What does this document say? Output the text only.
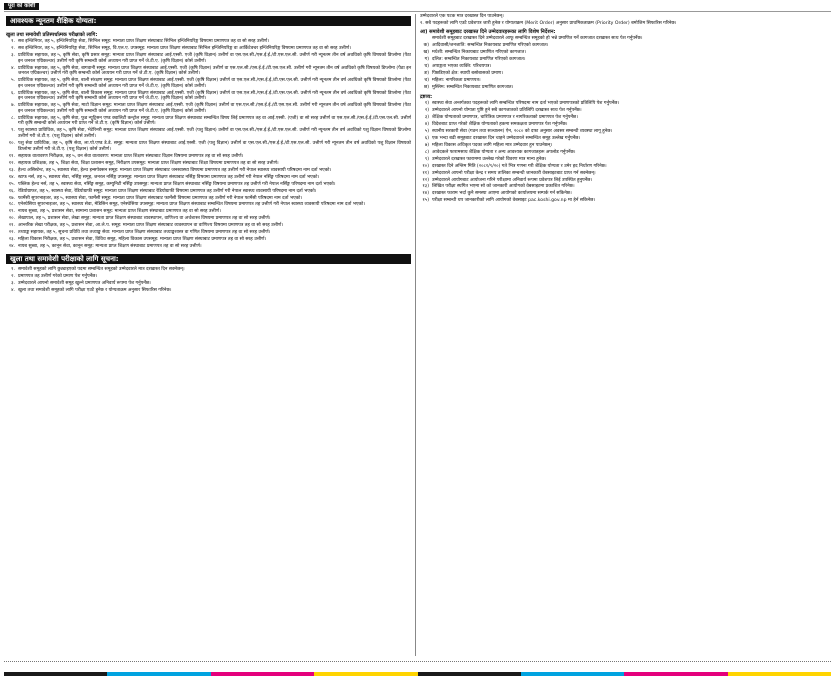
पूरा को कोशी
आवश्यक न्यूनतम शैक्षिक योग्यता:
खुला तथा समावेशी प्रतिस्पर्धात्मक परीक्षाको लागि:
१. सब इन्जिनियर, तह ५, इन्जिनियरिङ्ग सेवा, सिभिल समूह: मान्यता प्राप्त शिक्षण संस्थाबाट सिभिल इन्जिनियरिङ्ग विषयमा प्रमाणपत्र तह वा सो सरह उत्तीर्ण।
२. सब इन्जिनियर, तह ५, इन्जिनियरिङ्ग सेवा, सिभिल समूह, वि.एल.ए. उपसमूह: मान्यता प्राप्त शिक्षण संस्थाबाट सिभिल इन्जिनियरिङ्ग वा आर्किटेक्चर इन्जिनियरिङ्ग विषयमा प्रमाणपत्र तह वा सो सरह उत्तीर्ण।
३. प्राविधिक सहायक, तह ५, कृषि सेवा, कृषि प्रसार समूह: मान्यता प्राप्त शिक्षण संस्थाबाट आई.एस्सी. एजी (कृषि विज्ञान) उत्तीर्ण वा एस.एल.सी./एस.ई.ई./टी.एस.एल.सी. उत्तीर्ण गरी न्यूनतम तीन वर्ष अवधिको कृषि विषयको डिप्लोमा (पैठा इन जनरल एग्रिकल्चर) उत्तीर्ण गरी कृषि सम्बन्धी कोर्स अध्ययन गरी प्राप्त गर्ने जे.टी.ए. (कृषि विज्ञान) कोर्स उत्तीर्ण।
४. प्राविधिक सहायक, तह ५, कृषि सेवा, बागवानी समूह: मान्यता प्राप्त शिक्षण संस्थाबाट आई.एस्सी. एजी (कृषि विज्ञान) उत्तीर्ण वा एस.एल.सी./एस.ई.ई./टी.एस.एल.सी. उत्तीर्ण गरी न्यूनतम तीन वर्ष अवधिको कृषि विषयको डिप्लोमा (पैठा इन जनरल एग्रिकल्चर) उत्तीर्ण गरी कृषि सम्बन्धी कोर्स अध्ययन गरी प्राप्त गर्ने जे.टी.ए. (कृषि विज्ञान) कोर्स उत्तीर्ण।
५. प्राविधिक सहायक, तह ५, कृषि सेवा, बाली संरक्षण समूह: मान्यता प्राप्त शिक्षण संस्थाबाट आई.एस्सी. एजी (कृषि विज्ञान) उत्तीर्ण वा एस.एल.सी./एस.ई.ई./टी.एस.एल.सी. उत्तीर्ण गरी न्यूनतम तीन वर्ष अवधिको कृषि विषयको डिप्लोमा (पैठा इन जनरल एग्रिकल्चर) उत्तीर्ण गरी कृषि सम्बन्धी कोर्स अध्ययन गरी प्राप्त गर्ने जे.टी.ए. (कृषि विज्ञान) कोर्स उत्तीर्ण।
६. प्राविधिक सहायक, तह ५, कृषि सेवा, बाली विकास समूह: मान्यता प्राप्त शिक्षण संस्थाबाट आई.एस्सी. एजी (कृषि विज्ञान) उत्तीर्ण वा एस.एल.सी./एस.ई.ई./टी.एस.एल.सी. उत्तीर्ण गरी न्यूनतम तीन वर्ष अवधिको कृषि विषयको डिप्लोमा (पैठा इन जनरल एग्रिकल्चर) उत्तीर्ण गरी कृषि सम्बन्धी कोर्स अध्ययन गरी प्राप्त गर्ने जे.टी.ए. (कृषि विज्ञान) कोर्स उत्तीर्ण।
७. प्राविधिक सहायक, तह ५, कृषि सेवा, माटो विज्ञान समूह: मान्यता प्राप्त शिक्षण संस्थाबाट आई.एस्सी. एजी (कृषि विज्ञान) उत्तीर्ण वा एस.एल.सी./एस.ई.ई./टी.एस.एल.सी. उत्तीर्ण गरी न्यूनतम तीन वर्ष अवधिको कृषि विषयको डिप्लोमा (पैठा इन जनरल एग्रिकल्चर) उत्तीर्ण गरी कृषि सम्बन्धी कोर्स अध्ययन गरी प्राप्त गर्ने जे.टी.ए. (कृषि विज्ञान) कोर्स उत्तीर्ण।
८. प्राविधिक सहायक, तह ५, कृषि सेवा, फुड न्यूट्रिसन एण्ड क्वालिटी कन्ट्रोल समूह: मान्यता प्राप्त शिक्षण संस्थाबाट सम्बन्धित विषय लिई प्रमाणपत्र तह वा आई.एस्सी. (एजी) वा सो सरह उत्तीर्ण वा एस.एल.सी./एस.ई.ई./टी.एस.एल.सी. उत्तीर्ण गरी कृषि सम्बन्धी कोर्स अध्ययन गरी प्राप्त गर्ने जे.टी.ए. (कृषि विज्ञान) कोर्स उत्तीर्ण।
९. पशु स्वास्थ्य प्राविधिक, तह ५, कृषि सेवा, भेटेरिनरी समूह: मान्यता प्राप्त शिक्षण संस्थाबाट आई.एस्सी. एजी (पशु विज्ञान) उत्तीर्ण वा एस.एल.सी./एस.ई.ई./टी.एस.एल.सी. उत्तीर्ण गरी न्यूनतम तीन वर्ष अवधिको पशु विज्ञान विषयको डिप्लोमा उत्तीर्ण गरी जे.टी.ए. (पशु विज्ञान) कोर्स उत्तीर्ण।
१०. पशु सेवा प्राविधिक, तह ५, कृषि सेवा, ला.पो.एण्ड डे.डे. समूह: मान्यता प्राप्त शिक्षण संस्थाबाट आई.एस्सी. एजी (पशु विज्ञान) उत्तीर्ण वा एस.एल.सी./एस.ई.ई./टी.एस.एल.सी. उत्तीर्ण गरी न्यूनतम तीन वर्ष अवधिको पशु विज्ञान विषयको डिप्लोमा उत्तीर्ण गरी जे.टी.ए. (पशु विज्ञान) कोर्स उत्तीर्ण।
११. सहायक वातावरण निरीक्षक, तह ५, वन सेवा वातावरण: मान्यता प्राप्त शिक्षण संस्थाबाट विज्ञान विषयमा प्रमाणपत्र तह वा सो सरह उत्तीर्ण।
१२. सहायक प्रशिक्षक, तह ५, शिक्षा सेवा, शिक्षा प्रशासन समूह, निरीक्षण उपसमूह: मान्यता प्राप्त शिक्षण संस्थाबाट शिक्षा विषयमा प्रमाणपत्र तह वा सो सरह उत्तीर्ण।
१३. हेल्थ असिस्टेन्ट, तह ५, स्वास्थ्य सेवा, हेल्थ इन्सपेक्सन समूह: मान्यता प्राप्त शिक्षण संस्थाबाट जनस्वास्थ्य विषयमा प्रमाणपत्र तह उत्तीर्ण गरी नेपाल स्वास्थ्य व्यवसायी परिषदमा नाम दर्ता भएको।
१४. स्टाफ नर्स, तह ५, स्वास्थ्य सेवा, नर्सिङ्ग समूह, जनरल नर्सिङ्ग उपसमूह: मान्यता प्राप्त शिक्षण संस्थाबाट नर्सिङ्ग विषयमा प्रमाणपत्र तह उत्तीर्ण गरी नेपाल नर्सिङ्ग परिषदमा नाम दर्ता भएको।
१५. पब्लिक हेल्थ नर्स, तह ५, स्वास्थ्य सेवा, नर्सिङ्ग समूह, कम्युनिटी नर्सिङ्ग उपसमूह: मान्यता प्राप्त शिक्षण संस्थाबाट नर्सिङ्ग विषयमा प्रमाणपत्र तह उत्तीर्ण गरी नेपाल नर्सिङ्ग परिषदमा नाम दर्ता भएको।
१६. रेडियोग्राफर, तह ५, स्वास्थ्य सेवा, रेडियोग्राफी समूह: मान्यता प्राप्त शिक्षण संस्थाबाट रेडियोग्राफी विषयमा प्रमाणपत्र तह उत्तीर्ण गरी नेपाल स्वास्थ्य व्यवसायी परिषदमा नाम दर्ता भएको।
१७. फार्मेसी सुपरभाइजर, तह ५, स्वास्थ्य सेवा, फार्मेसी समूह: मान्यता प्राप्त शिक्षण संस्थाबाट फार्मेसी विषयमा प्रमाणपत्र तह उत्तीर्ण गरी नेपाल फार्मेसी परिषदमा नाम दर्ता भएको।
१८. एनेस्थेसिया सुपरभाइजर, तह ५, स्वास्थ्य सेवा, मेडिसिन समूह, एनेस्थेसिया उपसमूह: मान्यता प्राप्त शिक्षण संस्थाबाट सम्बन्धित विषयमा प्रमाणपत्र तह उत्तीर्ण गरी नेपाल स्वास्थ्य व्यवसायी परिषदमा नाम दर्ता भएको।
१९. नायब सुब्बा, तह ५, प्रशासन सेवा, सामान्य प्रशासन समूह: मान्यता प्राप्त शिक्षण संस्थाबाट प्रमाणपत्र तह वा सो सरह उत्तीर्ण।
२०. लेखापाल, तह ५, प्रशासन सेवा, लेखा समूह: मान्यता प्राप्त शिक्षण संस्थाबाट व्यवस्थापन, वाणिज्य वा अर्थशास्त्र विषयमा प्रमाणपत्र तह वा सो सरह उत्तीर्ण।
२१. आन्तरिक लेखा परीक्षक, तह ५, प्रशासन सेवा, आ.ले.प. समूह: मान्यता प्राप्त शिक्षण संस्थाबाट व्यवस्थापन वा वाणिज्य विषयमा प्रमाणपत्र तह वा सो सरह उत्तीर्ण।
२२. तथ्याङ्क सहायक, तह ५, सूचना प्रविधि तथा तथ्याङ्क सेवा: मान्यता प्राप्त शिक्षण संस्थाबाट तथ्याङ्कशास्त्र वा गणित विषयमा प्रमाणपत्र तह वा सो सरह उत्तीर्ण।
२३. महिला विकास निरीक्षक, तह ५, प्रशासन सेवा, विविध समूह, महिला विकास उपसमूह: मान्यता प्राप्त शिक्षण संस्थाबाट प्रमाणपत्र तह वा सो सरह उत्तीर्ण।
२४. नायब सुब्बा, तह ५, कानून सेवा, कानून समूह: मान्यता प्राप्त शिक्षण संस्थाबाट प्रमाणपत्र तह वा सो सरह उत्तीर्ण।
खुला तथा समावेशी परीक्षाको लागि सूचना:
१. समावेशी समूहको लागि छुट्याइएको पदमा सम्बन्धित समूहको उम्मेदवारले मात्र दरखास्त दिन सक्नेछन्।
२. प्रमाणपत्र तह उत्तीर्ण गरेको प्रमाण पेश गर्नुपर्नेछ।
३. उम्मेदवारले आफ्नो समावेशी समूह खुल्ने प्रमाणपत्र अनिवार्य रूपमा पेश गर्नुपर्नेछ।
४. खुला तथा समावेशी समूहको लागि परीक्षा एउटै हुनेछ र योग्यताक्रम अनुसार सिफारिस गरिनेछ।
उम्मेदवारले एक पटक मात्र दरखास्त दिन पाउनेछन्।
२. सबै पदहरूको लागि एउटै प्रवेशपत्र जारी हुनेछ र योग्यताक्रम (Merit Order) अनुसार प्राथमिकताक्रम (Priority Order) बमोजिम सिफारिस गरिनेछ।
आ) समावेशी समूहबाट दरखास्त दिने उम्मेदवारहरूका लागि विशेष निर्देशन:
समावेशी समूहबाट दरखास्त दिने उम्मेदवारले आफू सम्बन्धित समूहको हो भन्ने प्रमाणित गर्ने कागजात दरखास्त साथ पेश गर्नुपर्नेछ।
क) आदिवासी/जनजाति: सम्बन्धित निकायबाट प्रमाणित गरिएको कागजात।
ख) मधेशी: सम्बन्धित निकायबाट प्रमाणित गरिएको कागजात।
ग) दलित: सम्बन्धित निकायबाट प्रमाणित गरिएको कागजात।
घ) अपाङ्गता भएका व्यक्ति: परिचयपत्र।
ङ) पिछडिएको क्षेत्र: स्थायी बसोबासको प्रमाण।
च) महिला: नागरिकता प्रमाणपत्र।
छ) मुस्लिम: सम्बन्धित निकायबाट प्रमाणित कागजात।
द्रष्टव्य:
१) स्वास्थ्य सेवा अन्तर्गतका पदहरूको लागि सम्बन्धित परिषदमा नाम दर्ता भएको प्रमाणपत्रको प्रतिलिपि पेश गर्नुपर्नेछ।
२) उम्मेदवारले आफ्नो योग्यता पुष्टि हुने सबै कागजातको प्रतिलिपि दरखास्त साथ पेश गर्नुपर्नेछ।
३) शैक्षिक योग्यताको प्रमाणपत्र, चारित्रिक प्रमाणपत्र र नागरिकताको प्रमाणपत्र पेश गर्नुपर्नेछ।
४) विदेशबाट प्राप्त गरेको शैक्षिक योग्यताको हकमा समकक्षता प्रमाणपत्र पेश गर्नुपर्नेछ।
५) स्थानीय सरकारी सेवा (गठन तथा सञ्चालन) ऐन, २०८० को दफा अनुसार अवसर सम्बन्धी व्यवस्था लागू हुनेछ।
६) एक भन्दा बढी समूहबाट दरखास्त दिन चाहने उम्मेदवारले सम्बन्धित समूह उल्लेख गर्नुपर्नेछ।
७) महिला विकास अधिकृत पदका लागि महिला मात्र उम्मेदवार हुन पाउनेछन्।
८) आवेदकले फारामसाथ शैक्षिक योग्यता र अन्य आवश्यक कागजातहरू अपलोड गर्नुपर्नेछ।
९) उम्मेदवारले दरखास्त फाराममा उल्लेख गरेको विवरण मात्र मान्य हुनेछ।
१०) दरखास्त दिने अन्तिम मिति (२०८१/९/२०) गते भित्र गणना गरी शैक्षिक योग्यता र उमेर हद निर्धारण गरिनेछ।
११) उम्मेदवारले आफ्नो परीक्षा केन्द्र र समय तालिका सम्बन्धी जानकारी वेबसाइटबाट प्राप्त गर्न सक्नेछन्।
१२) उम्मेदवारले आयोगबाट आयोजना गरिने परीक्षामा अनिवार्य रूपमा प्रवेशपत्र लिई उपस्थित हुनुपर्नेछ।
१३) लिखित परीक्षा स्थगित भएमा सो को जानकारी आयोगको वेबसाइटमा प्रकाशित गरिनेछ।
१४) दरखास्त फाराम भर्दा कुनै समस्या आएमा आयोगको कार्यालयमा सम्पर्क गर्न सकिनेछ।
१५) परीक्षा सम्बन्धी थप जानकारीको लागि आयोगको वेबसाइट pac.koshi.gov.np मा हेर्न सकिनेछ।
